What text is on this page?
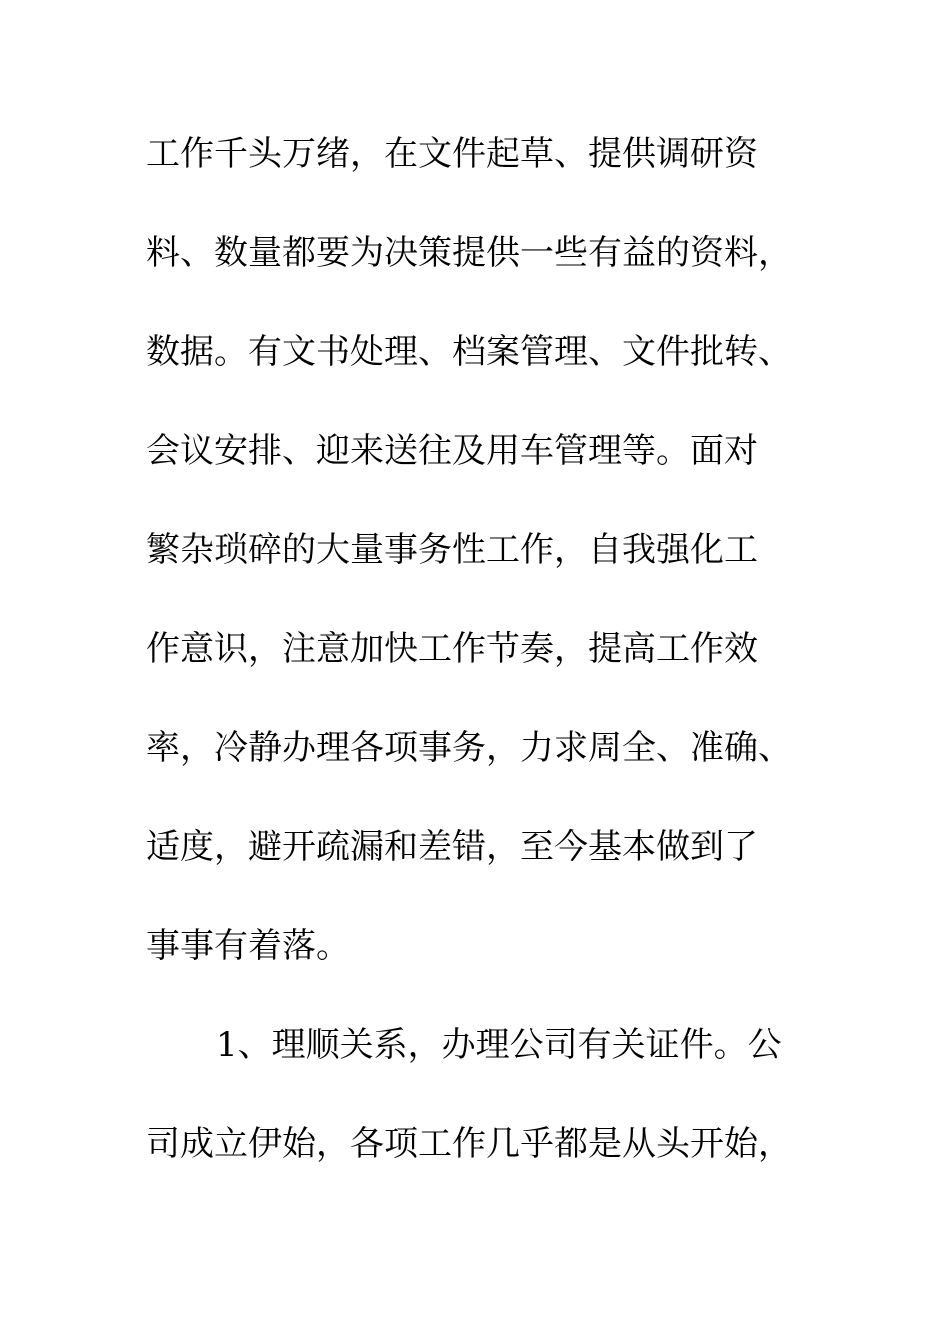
工作千头万绪，在文件起草、提供调研资
料、数量都要为决策提供一些有益的资料，
数据。有文书处理、档案管理、文件批转、
会议安排、迎来送往及用车管理等。面对
繁杂琐碎的大量事务性工作，自我强化工
作意识，注意加快工作节奏，提高工作效
率，冷静办理各项事务，力求周全、准确、
适度，避开疏漏和差错，至今基本做到了
事事有着落。
1、理顺关系，办理公司有关证件。公
司成立伊始，各项工作几乎都是从头开始，
